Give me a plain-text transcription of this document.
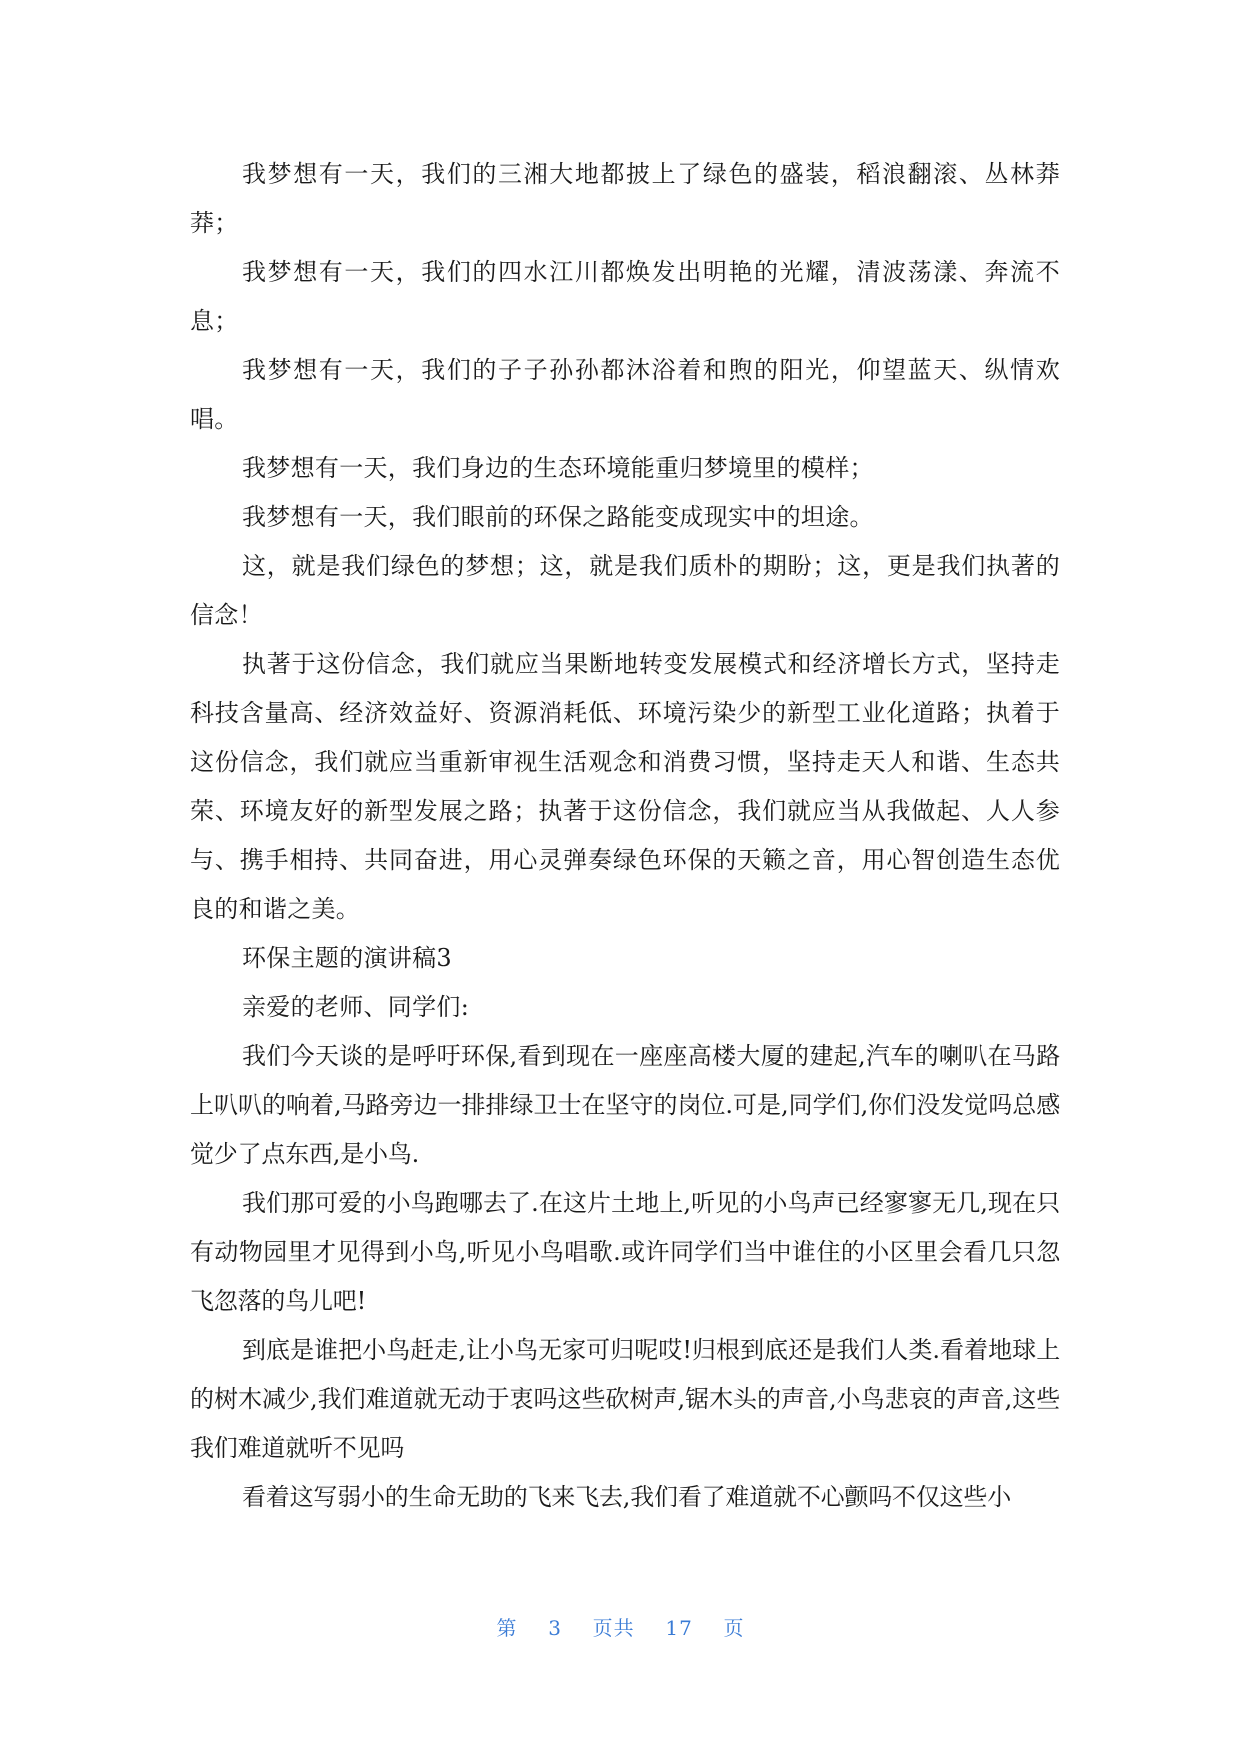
我梦想有一天，我们的三湘大地都披上了绿色的盛装，稻浪翻滚、丛林莽莽；

我梦想有一天，我们的四水江川都焕发出明艳的光耀，清波荡漾、奔流不息；

我梦想有一天，我们的子子孙孙都沐浴着和煦的阳光，仰望蓝天、纵情欢唱。

我梦想有一天，我们身边的生态环境能重归梦境里的模样；

我梦想有一天，我们眼前的环保之路能变成现实中的坦途。

这，就是我们绿色的梦想；这，就是我们质朴的期盼；这，更是我们执著的信念！

执著于这份信念，我们就应当果断地转变发展模式和经济增长方式，坚持走科技含量高、经济效益好、资源消耗低、环境污染少的新型工业化道路；执着于这份信念，我们就应当重新审视生活观念和消费习惯，坚持走天人和谐、生态共荣、环境友好的新型发展之路；执著于这份信念，我们就应当从我做起、人人参与、携手相持、共同奋进，用心灵弹奏绿色环保的天籁之音，用心智创造生态优良的和谐之美。

环保主题的演讲稿3

亲爱的老师、同学们:

我们今天谈的是呼吁环保,看到现在一座座高楼大厦的建起,汽车的喇叭在马路上叭叭的响着,马路旁边一排排绿卫士在坚守的岗位.可是,同学们,你们没发觉吗总感觉少了点东西,是小鸟.

我们那可爱的小鸟跑哪去了.在这片土地上,听见的小鸟声已经寥寥无几,现在只有动物园里才见得到小鸟,听见小鸟唱歌.或许同学们当中谁住的小区里会看几只忽飞忽落的鸟儿吧!

到底是谁把小鸟赶走,让小鸟无家可归呢哎!归根到底还是我们人类.看着地球上的树木减少,我们难道就无动于衷吗这些砍树声,锯木头的声音,小鸟悲哀的声音,这些我们难道就听不见吗

看着这写弱小的生命无助的飞来飞去,我们看了难道就不心颤吗不仅这些小

第 3 页共 17 页
